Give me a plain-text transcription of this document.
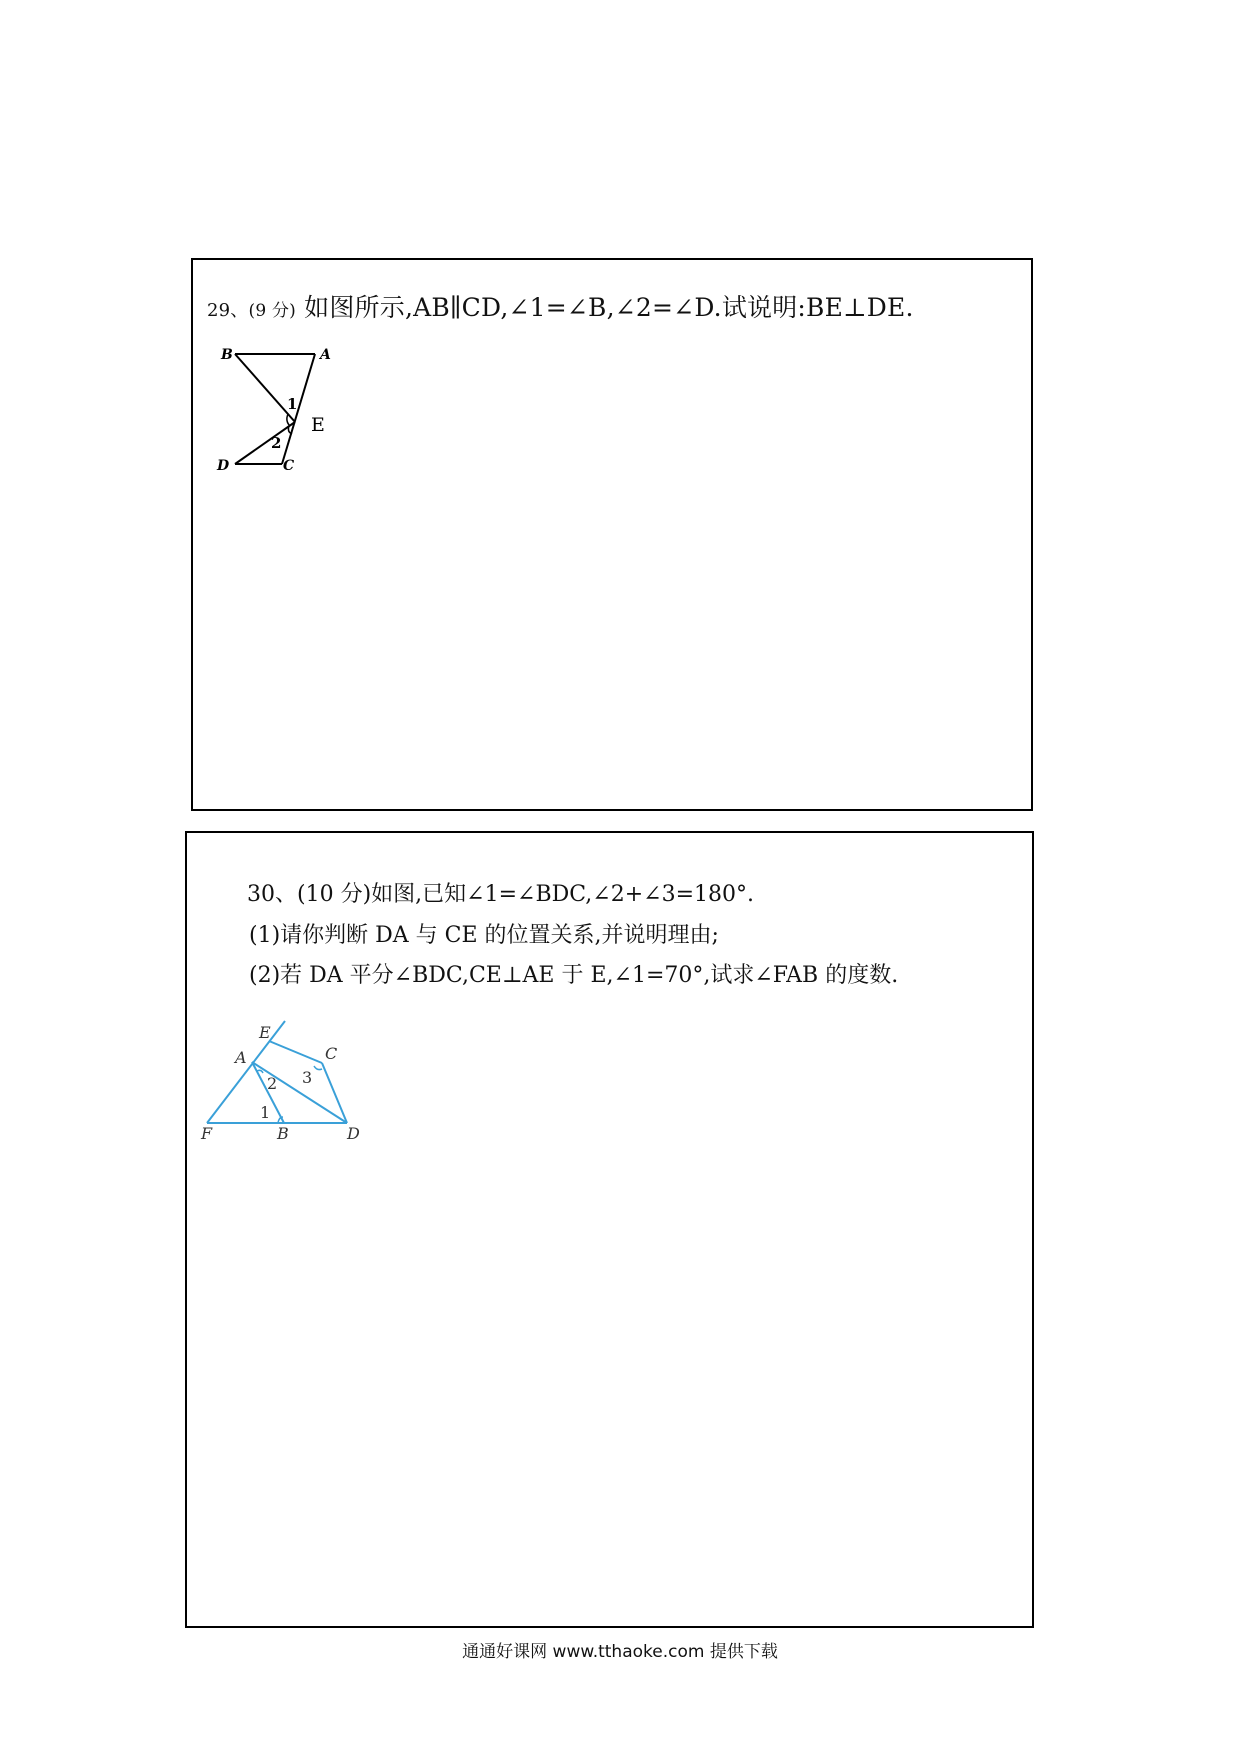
29、(9 分) 如图所示,AB∥CD,∠1=∠B,∠2=∠D.试说明:BE⊥DE.
B	A
1
E
2
D	C
30、(10 分)如图,已知∠1=∠BDC,∠2+∠3=180°.
(1)请你判断 DA 与 CE 的位置关系,并说明理由;
(2)若 DA 平分∠BDC,CE⊥AE 于 E,∠1=70°,试求∠FAB 的度数.
E
A	C
2 3
1
F	B	D
通通好课网 www.tthaoke.com 提供下载
